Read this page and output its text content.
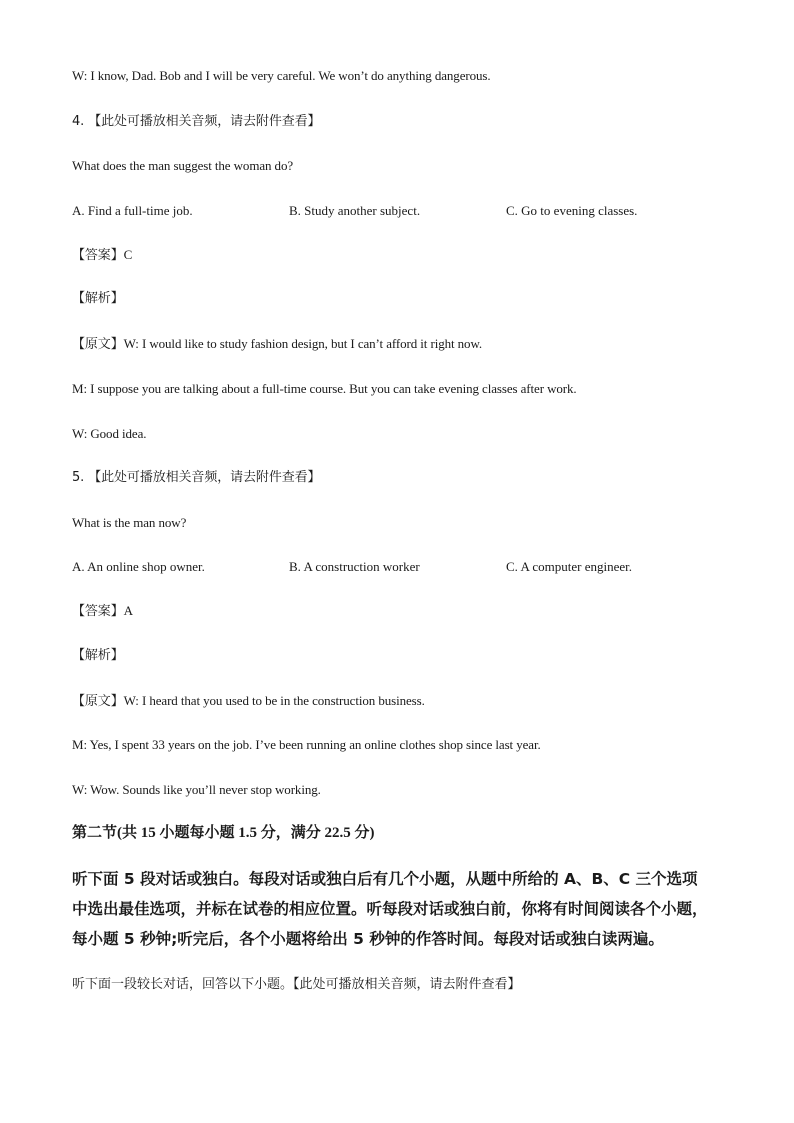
W: I know, Dad. Bob and I will be very careful. We won’t do anything dangerous.
4. 【此处可播放相关音频，请去附件查看】
What does the man suggest the woman do?
A. Find a full-time job.	B. Study another subject.	C. Go to evening classes.
【答案】C
【解析】
【原文】W: I would like to study fashion design, but I can’t afford it right now.
M: I suppose you are talking about a full-time course. But you can take evening classes after work.
W: Good idea.
5. 【此处可播放相关音频，请去附件查看】
What is the man now?
A. An online shop owner.	B. A construction worker	C. A computer engineer.
【答案】A
【解析】
【原文】W: I heard that you used to be in the construction business.
M: Yes, I spent 33 years on the job. I’ve been running an online clothes shop since last year.
W: Wow. Sounds like you’ll never stop working.
第二节(共 15 小题每小题 1.5 分，满分 22.5 分)

听下面 5 段对话或独白。每段对话或独白后有几个小题，从题中所给的 A、B、C 三个选项

中选出最佳选项，并标在试卷的相应位置。听每段对话或独白前，你将有时间阅读各个小题，

每小题 5 秒钟;听完后，各个小题将给出 5 秒钟的作答时间。每段对话或独白读两遍。

听下面一段较长对话，回答以下小题。【此处可播放相关音频，请去附件查看】
